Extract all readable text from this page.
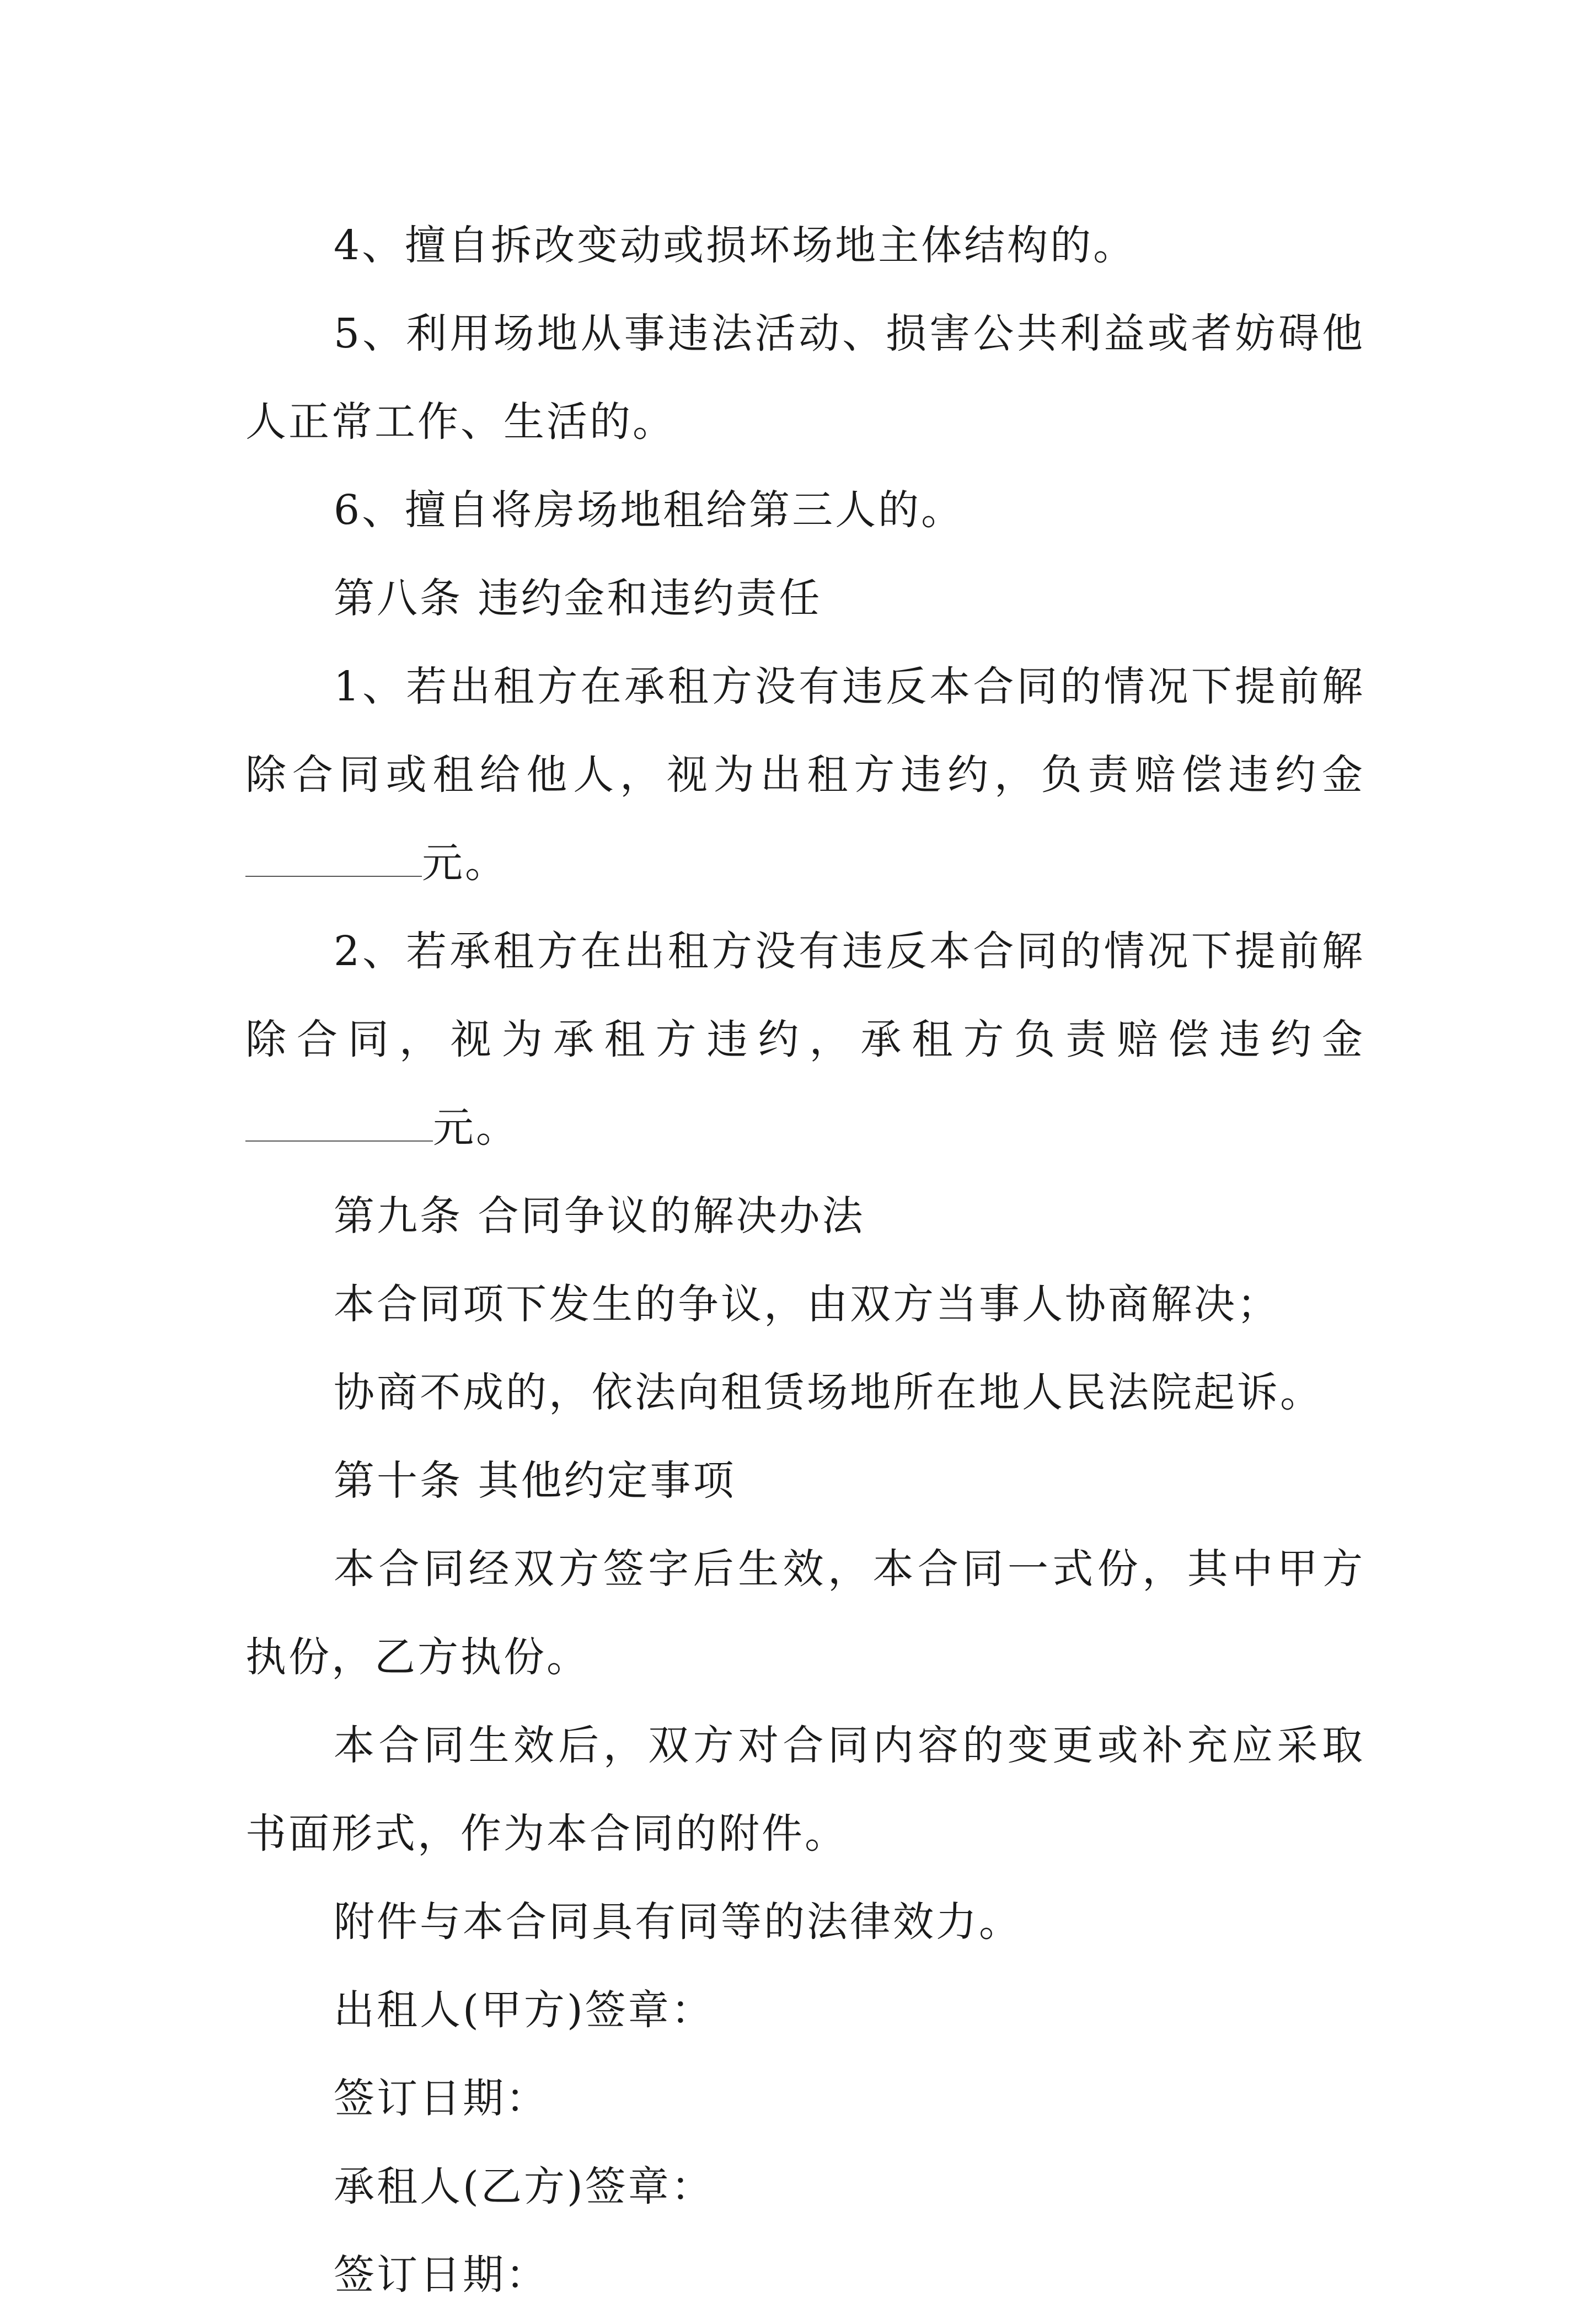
4、擅自拆改变动或损坏场地主体结构的。

5、利用场地从事违法活动、损害公共利益或者妨碍他人正常工作、生活的。

6、擅自将房场地租给第三人的。

第八条 违约金和违约责任

1、若出租方在承租方没有违反本合同的情况下提前解除合同或租给他人，视为出租方违约，负责赔偿违约金元。

2、若承租方在出租方没有违反本合同的情况下提前解除合同，视为承租方违约，承租方负责赔偿违约金元。

第九条 合同争议的解决办法

本合同项下发生的争议，由双方当事人协商解决；

协商不成的，依法向租赁场地所在地人民法院起诉。

第十条 其他约定事项

本合同经双方签字后生效，本合同一式份，其中甲方执份，乙方执份。

本合同生效后，双方对合同内容的变更或补充应采取书面形式，作为本合同的附件。

附件与本合同具有同等的法律效力。

出租人(甲方)签章：

签订日期：

承租人(乙方)签章：

签订日期：
